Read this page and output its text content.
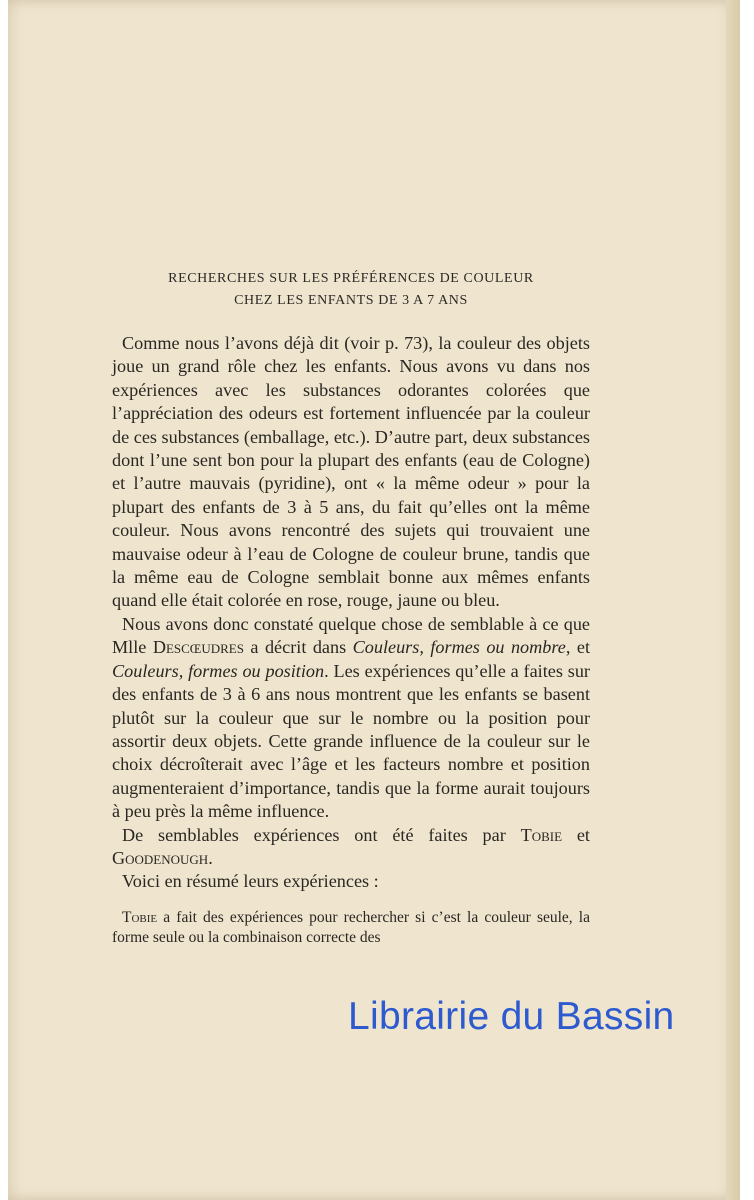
RECHERCHES SUR LES PRÉFÉRENCES DE COULEUR
CHEZ LES ENFANTS DE 3 A 7 ANS

Comme nous l’avons déjà dit (voir p. 73), la couleur des objets joue un grand rôle chez les enfants. Nous avons vu dans nos expériences avec les substances odorantes colorées que l’appréciation des odeurs est fortement influencée par la couleur de ces substances (emballage, etc.). D’autre part, deux substances dont l’une sent bon pour la plupart des enfants (eau de Cologne) et l’autre mauvais (pyridine), ont « la même odeur » pour la plupart des enfants de 3 à 5 ans, du fait qu’elles ont la même couleur. Nous avons rencontré des sujets qui trouvaient une mauvaise odeur à l’eau de Cologne de couleur brune, tandis que la même eau de Cologne semblait bonne aux mêmes enfants quand elle était colorée en rose, rouge, jaune ou bleu.

Nous avons donc constaté quelque chose de semblable à ce que Mlle Descœudres a décrit dans Couleurs, formes ou nombre, et Couleurs, formes ou position. Les expériences qu’elle a faites sur des enfants de 3 à 6 ans nous montrent que les enfants se basent plutôt sur la couleur que sur le nombre ou la position pour assortir deux objets. Cette grande influence de la couleur sur le choix décroîterait avec l’âge et les facteurs nombre et position augmenteraient d’importance, tandis que la forme aurait toujours à peu près la même influence.

De semblables expériences ont été faites par Tobie et Goodenough.

Voici en résumé leurs expériences :

Tobie a fait des expériences pour rechercher si c’est la couleur seule, la forme seule ou la combinaison correcte des

Librairie du Bassin
